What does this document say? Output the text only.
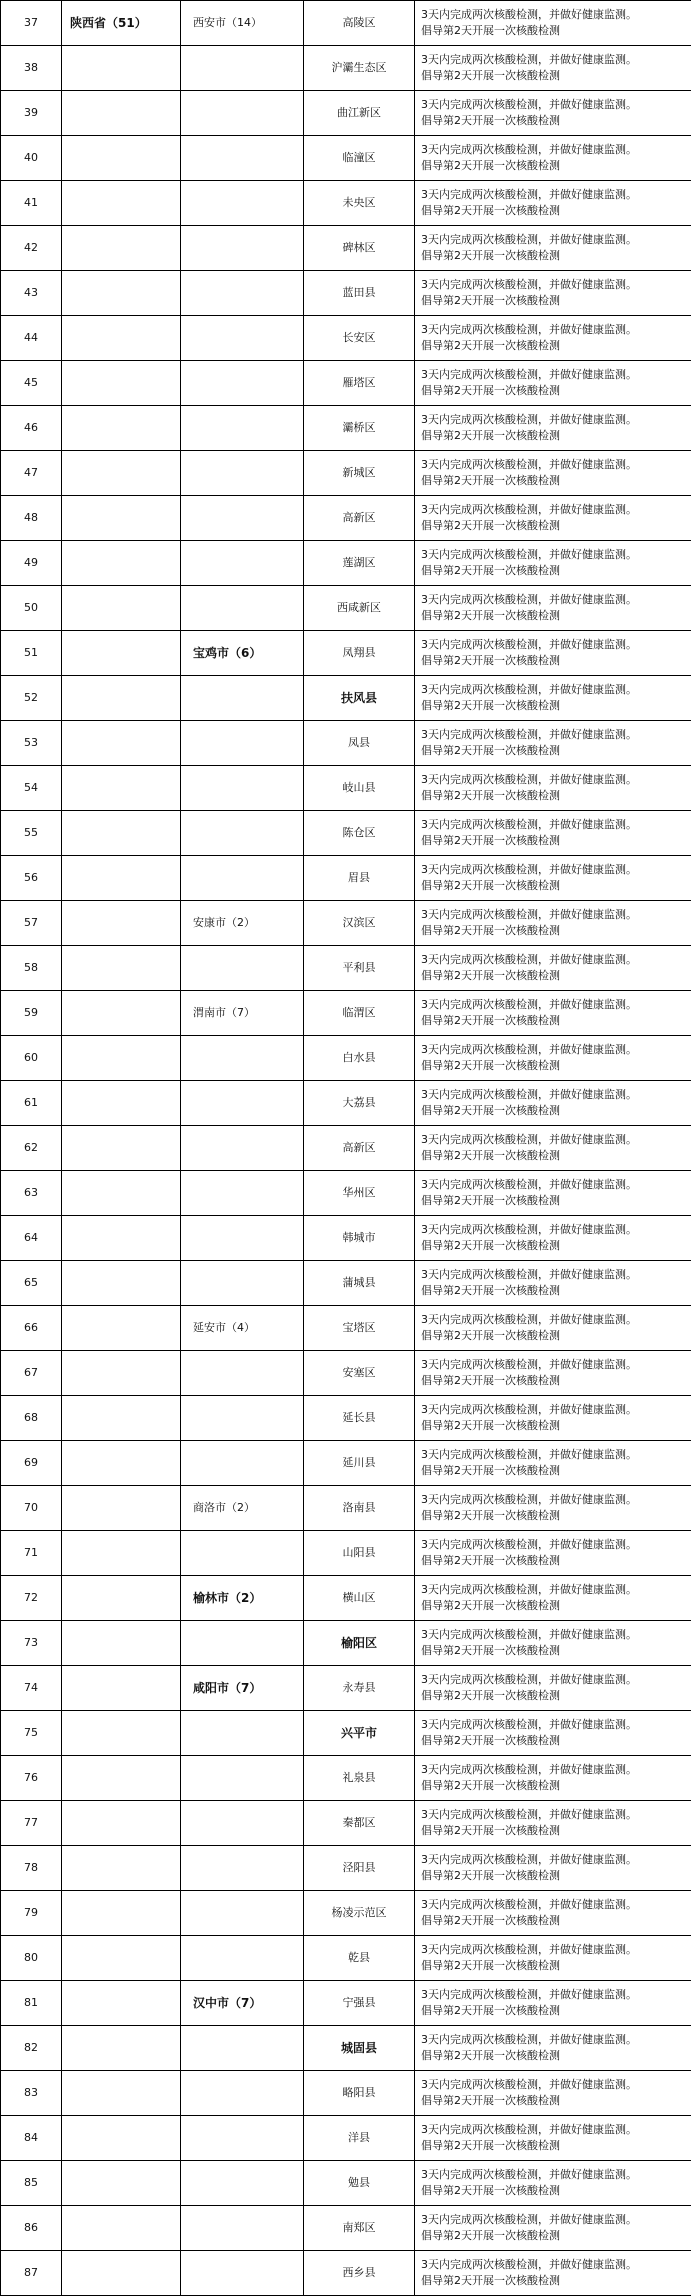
37	陕西省（51）	西安市（14）	高陵区	3天内完成两次核酸检测，并做好健康监测。
倡导第2天开展一次核酸检测
38			沪灞生态区	3天内完成两次核酸检测，并做好健康监测。
倡导第2天开展一次核酸检测
39			曲江新区	3天内完成两次核酸检测，并做好健康监测。
倡导第2天开展一次核酸检测
40			临潼区	3天内完成两次核酸检测，并做好健康监测。
倡导第2天开展一次核酸检测
41			未央区	3天内完成两次核酸检测，并做好健康监测。
倡导第2天开展一次核酸检测
42			碑林区	3天内完成两次核酸检测，并做好健康监测。
倡导第2天开展一次核酸检测
43			蓝田县	3天内完成两次核酸检测，并做好健康监测。
倡导第2天开展一次核酸检测
44			长安区	3天内完成两次核酸检测，并做好健康监测。
倡导第2天开展一次核酸检测
45			雁塔区	3天内完成两次核酸检测，并做好健康监测。
倡导第2天开展一次核酸检测
46			灞桥区	3天内完成两次核酸检测，并做好健康监测。
倡导第2天开展一次核酸检测
47			新城区	3天内完成两次核酸检测，并做好健康监测。
倡导第2天开展一次核酸检测
48			高新区	3天内完成两次核酸检测，并做好健康监测。
倡导第2天开展一次核酸检测
49			莲湖区	3天内完成两次核酸检测，并做好健康监测。
倡导第2天开展一次核酸检测
50			西咸新区	3天内完成两次核酸检测，并做好健康监测。
倡导第2天开展一次核酸检测
51		宝鸡市（6）	凤翔县	3天内完成两次核酸检测，并做好健康监测。
倡导第2天开展一次核酸检测
52			扶风县	3天内完成两次核酸检测，并做好健康监测。
倡导第2天开展一次核酸检测
53			凤县	3天内完成两次核酸检测，并做好健康监测。
倡导第2天开展一次核酸检测
54			岐山县	3天内完成两次核酸检测，并做好健康监测。
倡导第2天开展一次核酸检测
55			陈仓区	3天内完成两次核酸检测，并做好健康监测。
倡导第2天开展一次核酸检测
56			眉县	3天内完成两次核酸检测，并做好健康监测。
倡导第2天开展一次核酸检测
57		安康市（2）	汉滨区	3天内完成两次核酸检测，并做好健康监测。
倡导第2天开展一次核酸检测
58			平利县	3天内完成两次核酸检测，并做好健康监测。
倡导第2天开展一次核酸检测
59		渭南市（7）	临渭区	3天内完成两次核酸检测，并做好健康监测。
倡导第2天开展一次核酸检测
60			白水县	3天内完成两次核酸检测，并做好健康监测。
倡导第2天开展一次核酸检测
61			大荔县	3天内完成两次核酸检测，并做好健康监测。
倡导第2天开展一次核酸检测
62			高新区	3天内完成两次核酸检测，并做好健康监测。
倡导第2天开展一次核酸检测
63			华州区	3天内完成两次核酸检测，并做好健康监测。
倡导第2天开展一次核酸检测
64			韩城市	3天内完成两次核酸检测，并做好健康监测。
倡导第2天开展一次核酸检测
65			蒲城县	3天内完成两次核酸检测，并做好健康监测。
倡导第2天开展一次核酸检测
66		延安市（4）	宝塔区	3天内完成两次核酸检测，并做好健康监测。
倡导第2天开展一次核酸检测
67			安塞区	3天内完成两次核酸检测，并做好健康监测。
倡导第2天开展一次核酸检测
68			延长县	3天内完成两次核酸检测，并做好健康监测。
倡导第2天开展一次核酸检测
69			延川县	3天内完成两次核酸检测，并做好健康监测。
倡导第2天开展一次核酸检测
70		商洛市（2）	洛南县	3天内完成两次核酸检测，并做好健康监测。
倡导第2天开展一次核酸检测
71			山阳县	3天内完成两次核酸检测，并做好健康监测。
倡导第2天开展一次核酸检测
72		榆林市（2）	横山区	3天内完成两次核酸检测，并做好健康监测。
倡导第2天开展一次核酸检测
73			榆阳区	3天内完成两次核酸检测，并做好健康监测。
倡导第2天开展一次核酸检测
74		咸阳市（7）	永寿县	3天内完成两次核酸检测，并做好健康监测。
倡导第2天开展一次核酸检测
75			兴平市	3天内完成两次核酸检测，并做好健康监测。
倡导第2天开展一次核酸检测
76			礼泉县	3天内完成两次核酸检测，并做好健康监测。
倡导第2天开展一次核酸检测
77			秦都区	3天内完成两次核酸检测，并做好健康监测。
倡导第2天开展一次核酸检测
78			泾阳县	3天内完成两次核酸检测，并做好健康监测。
倡导第2天开展一次核酸检测
79			杨凌示范区	3天内完成两次核酸检测，并做好健康监测。
倡导第2天开展一次核酸检测
80			乾县	3天内完成两次核酸检测，并做好健康监测。
倡导第2天开展一次核酸检测
81		汉中市（7）	宁强县	3天内完成两次核酸检测，并做好健康监测。
倡导第2天开展一次核酸检测
82			城固县	3天内完成两次核酸检测，并做好健康监测。
倡导第2天开展一次核酸检测
83			略阳县	3天内完成两次核酸检测，并做好健康监测。
倡导第2天开展一次核酸检测
84			洋县	3天内完成两次核酸检测，并做好健康监测。
倡导第2天开展一次核酸检测
85			勉县	3天内完成两次核酸检测，并做好健康监测。
倡导第2天开展一次核酸检测
86			南郑区	3天内完成两次核酸检测，并做好健康监测。
倡导第2天开展一次核酸检测
87			西乡县	3天内完成两次核酸检测，并做好健康监测。
倡导第2天开展一次核酸检测
